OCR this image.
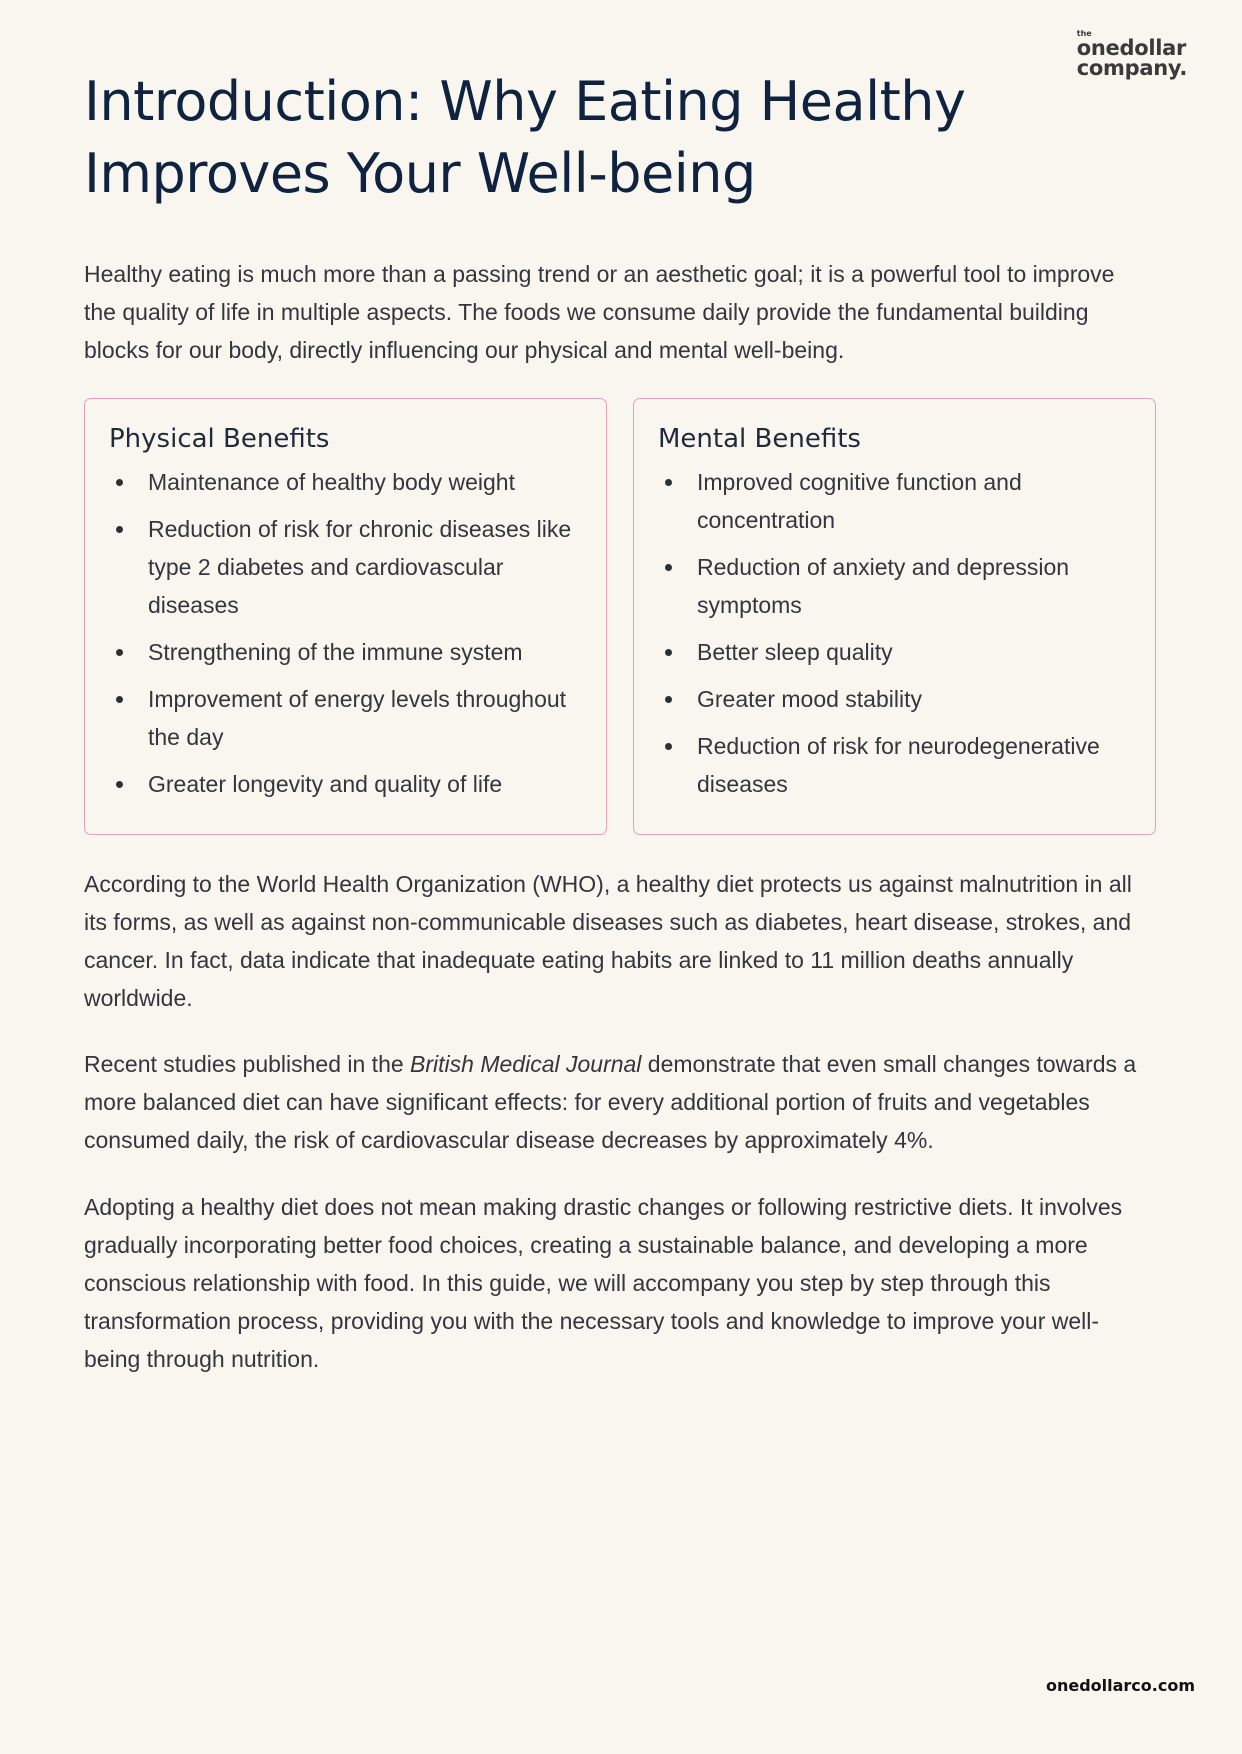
the
onedollar
company.
Introduction: Why Eating Healthy Improves Your Well-being

Healthy eating is much more than a passing trend or an aesthetic goal; it is a powerful tool to improve the quality of life in multiple aspects. The foods we consume daily provide the fundamental building blocks for our body, directly influencing our physical and mental well-being.

Physical Benefits
Maintenance of healthy body weight
Reduction of risk for chronic diseases like type 2 diabetes and cardiovascular diseases
Strengthening of the immune system
Improvement of energy levels throughout the day
Greater longevity and quality of life
Mental Benefits
Improved cognitive function and concentration
Reduction of anxiety and depression symptoms
Better sleep quality
Greater mood stability
Reduction of risk for neurodegenerative diseases

According to the World Health Organization (WHO), a healthy diet protects us against malnutrition in all its forms, as well as against non-communicable diseases such as diabetes, heart disease, strokes, and cancer. In fact, data indicate that inadequate eating habits are linked to 11 million deaths annually worldwide.

Recent studies published in the British Medical Journal demonstrate that even small changes towards a more balanced diet can have significant effects: for every additional portion of fruits and vegetables consumed daily, the risk of cardiovascular disease decreases by approximately 4%.

Adopting a healthy diet does not mean making drastic changes or following restrictive diets. It involves gradually incorporating better food choices, creating a sustainable balance, and developing a more conscious relationship with food. In this guide, we will accompany you step by step through this transformation process, providing you with the necessary tools and knowledge to improve your well-being through nutrition.

onedollarco.com
